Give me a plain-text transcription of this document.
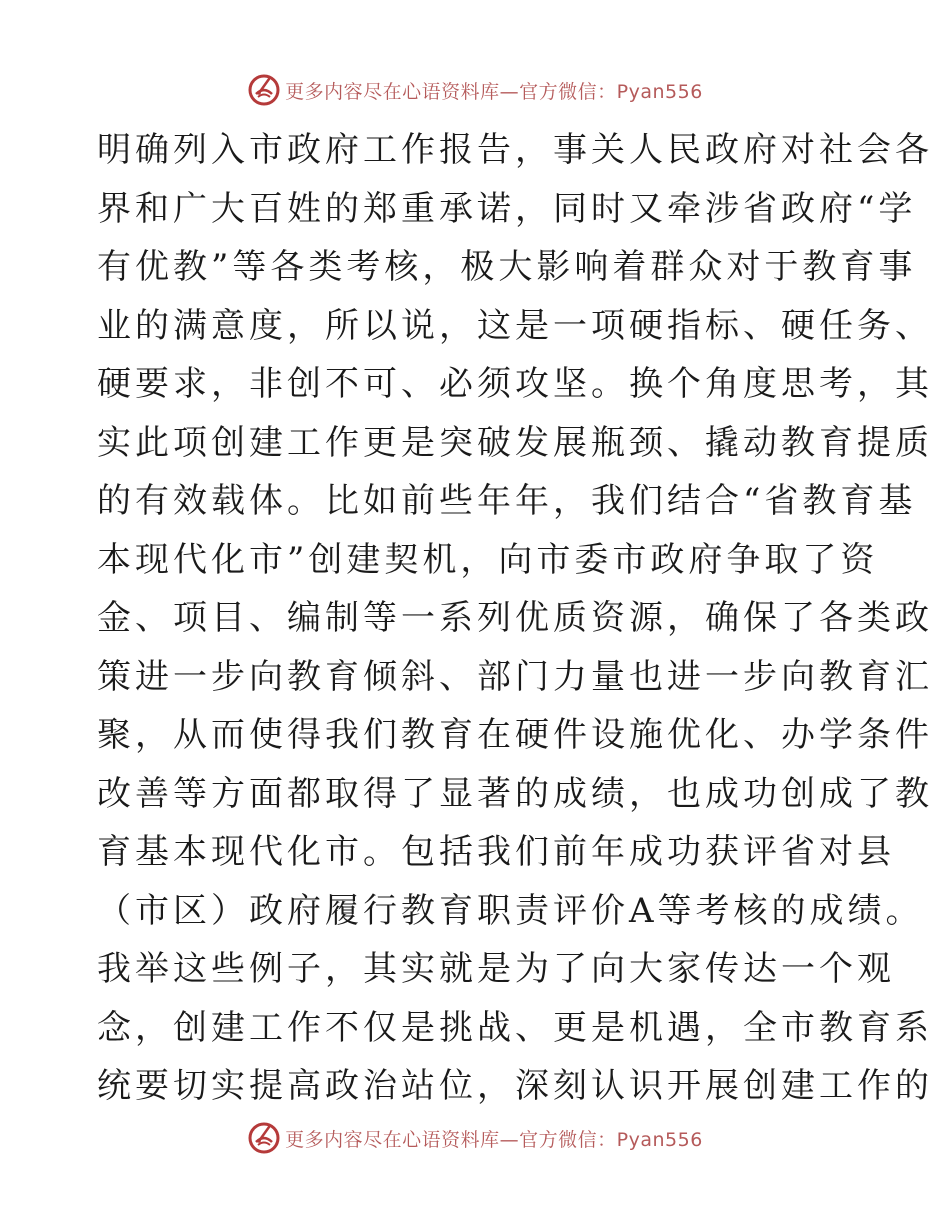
更多内容尽在心语资料库—官方微信：Pyan556
明确列入市政府工作报告，事关人民政府对社会各
界和广大百姓的郑重承诺，同时又牵涉省政府“学
有优教”等各类考核，极大影响着群众对于教育事
业的满意度，所以说，这是一项硬指标、硬任务、
硬要求，非创不可、必须攻坚。换个角度思考，其
实此项创建工作更是突破发展瓶颈、撬动教育提质
的有效载体。比如前些年年，我们结合“省教育基
本现代化市”创建契机，向市委市政府争取了资
金、项目、编制等一系列优质资源，确保了各类政
策进一步向教育倾斜、部门力量也进一步向教育汇
聚，从而使得我们教育在硬件设施优化、办学条件
改善等方面都取得了显著的成绩，也成功创成了教
育基本现代化市。包括我们前年成功获评省对县
（市区）政府履行教育职责评价A等考核的成绩。
我举这些例子，其实就是为了向大家传达一个观
念，创建工作不仅是挑战、更是机遇，全市教育系
统要切实提高政治站位，深刻认识开展创建工作的
更多内容尽在心语资料库—官方微信：Pyan556
